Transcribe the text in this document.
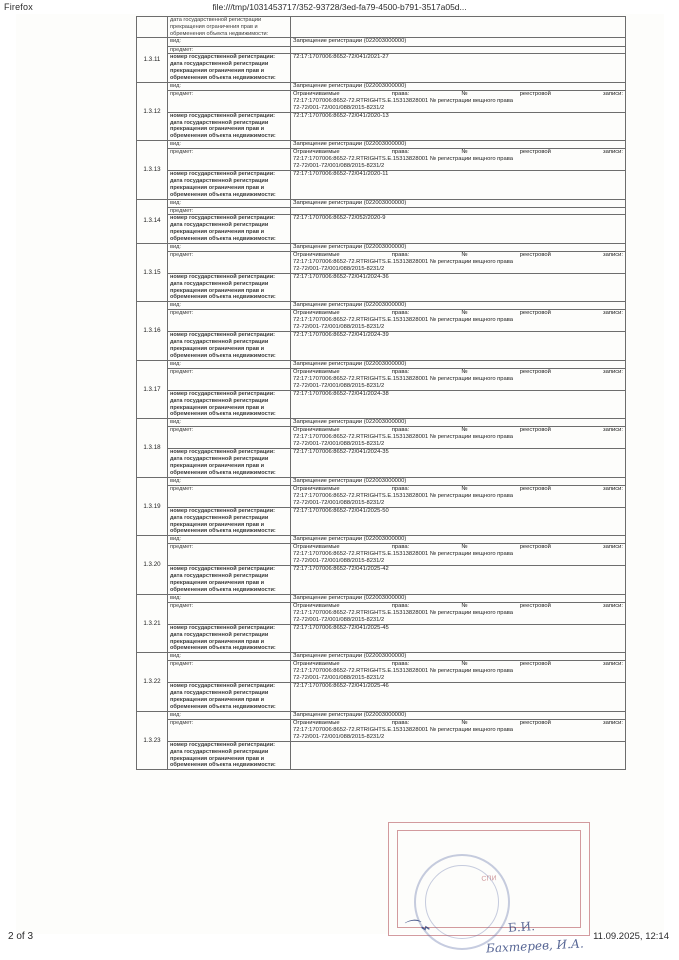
Firefox	file:///tmp/1031453717/352-93728/3ed-fa79-4500-b791-3517a05d...

	дата государственной регистрации
прекращения ограничения прав и
обременения объекта недвижимости:	

1.3.11	вид:	Запрещение регистрации (022003000000)

	предмет:	

	номер государственной регистрации:
дата государственной регистрации
прекращения ограничения прав и
обременения объекта недвижимости:	72:17:1707006:8652-72/041/2021-27

1.3.12	вид:	Запрещение регистрации (022003000000)

предмет:	Ограничиваемые	права:	№	реестровой	записи:
72:17:1707006:8652-72.RTRIGHTS.E.15313828001 № регистрации вещного права
72-72/001-72/001/088/2015-8231/2

	номер государственной регистрации:
дата государственной регистрации
прекращения ограничения прав и
обременения объекта недвижимости:	72:17:1707006:8652-72/041/2020-13

1.3.13	вид:	Запрещение регистрации (022003000000)

предмет:	Ограничиваемые	права:	№	реестровой	записи:
72:17:1707006:8652-72.RTRIGHTS.E.15313828001 № регистрации вещного права
72-72/001-72/001/088/2015-8231/2

	номер государственной регистрации:
дата государственной регистрации
прекращения ограничения прав и
обременения объекта недвижимости:	72:17:1707006:8652-72/041/2020-11

1.3.14	вид:	Запрещение регистрации (022003000000)

	предмет:	

	номер государственной регистрации:
дата государственной регистрации
прекращения ограничения прав и
обременения объекта недвижимости:	72:17:1707006:8652-72/052/2020-9

1.3.15	вид:	Запрещение регистрации (022003000000)

предмет:	Ограничиваемые	права:	№	реестровой	записи:
72:17:1707006:8652-72.RTRIGHTS.E.15313828001 № регистрации вещного права
72-72/001-72/001/088/2015-8231/2

	номер государственной регистрации:
дата государственной регистрации
прекращения ограничения прав и
обременения объекта недвижимости:	72:17:1707006:8652-72/041/2024-36

1.3.16	вид:	Запрещение регистрации (022003000000)

предмет:	Ограничиваемые	права:	№	реестровой	записи:
72:17:1707006:8652-72.RTRIGHTS.E.15313828001 № регистрации вещного права
72-72/001-72/001/088/2015-8231/2

	номер государственной регистрации:
дата государственной регистрации
прекращения ограничения прав и
обременения объекта недвижимости:	72:17:1707006:8652-72/041/2024-39

1.3.17	вид:	Запрещение регистрации (022003000000)

предмет:	Ограничиваемые	права:	№	реестровой	записи:
72:17:1707006:8652-72.RTRIGHTS.E.15313828001 № регистрации вещного права
72-72/001-72/001/088/2015-8231/2

	номер государственной регистрации:
дата государственной регистрации
прекращения ограничения прав и
обременения объекта недвижимости:	72:17:1707006:8652-72/041/2024-38

1.3.18	вид:	Запрещение регистрации (022003000000)

предмет:	Ограничиваемые	права:	№	реестровой	записи:
72:17:1707006:8652-72.RTRIGHTS.E.15313828001 № регистрации вещного права
72-72/001-72/001/088/2015-8231/2

	номер государственной регистрации:
дата государственной регистрации
прекращения ограничения прав и
обременения объекта недвижимости:	72:17:1707006:8652-72/041/2024-35

1.3.19	вид:	Запрещение регистрации (022003000000)

предмет:	Ограничиваемые	права:	№	реестровой	записи:
72:17:1707006:8652-72.RTRIGHTS.E.15313828001 № регистрации вещного права
72-72/001-72/001/088/2015-8231/2

	номер государственной регистрации:
дата государственной регистрации
прекращения ограничения прав и
обременения объекта недвижимости:	72:17:1707006:8652-72/041/2025-50

1.3.20	вид:	Запрещение регистрации (022003000000)

предмет:	Ограничиваемые	права:	№	реестровой	записи:
72:17:1707006:8652-72.RTRIGHTS.E.15313828001 № регистрации вещного права
72-72/001-72/001/088/2015-8231/2

	номер государственной регистрации:
дата государственной регистрации
прекращения ограничения прав и
обременения объекта недвижимости:	72:17:1707006:8652-72/041/2025-42

1.3.21	вид:	Запрещение регистрации (022003000000)

предмет:	Ограничиваемые	права:	№	реестровой	записи:
72:17:1707006:8652-72.RTRIGHTS.E.15313828001 № регистрации вещного права
72-72/001-72/001/088/2015-8231/2

	номер государственной регистрации:
дата государственной регистрации
прекращения ограничения прав и
обременения объекта недвижимости:	72:17:1707006:8652-72/041/2025-45

1.3.22	вид:	Запрещение регистрации (022003000000)

предмет:	Ограничиваемые	права:	№	реестровой	записи:
72:17:1707006:8652-72.RTRIGHTS.E.15313828001 № регистрации вещного права
72-72/001-72/001/088/2015-8231/2

	номер государственной регистрации:
дата государственной регистрации
прекращения ограничения прав и
обременения объекта недвижимости:	72:17:1707006:8652-72/041/2025-46

1.3.23	вид:	Запрещение регистрации (022003000000)

предмет:	Ограничиваемые	права:	№	реестровой	записи:
72:17:1707006:8652-72.RTRIGHTS.E.15313828001 № регистрации вещного права
72-72/001-72/001/088/2015-8231/2

	номер государственной регистрации:
дата государственной регистрации
прекращения ограничения прав и
обременения объекта недвижимости:	

СПИ
⌒⌁	Б.И.
Бахтерев, И.А.
2 of 3	11.09.2025, 12:14
